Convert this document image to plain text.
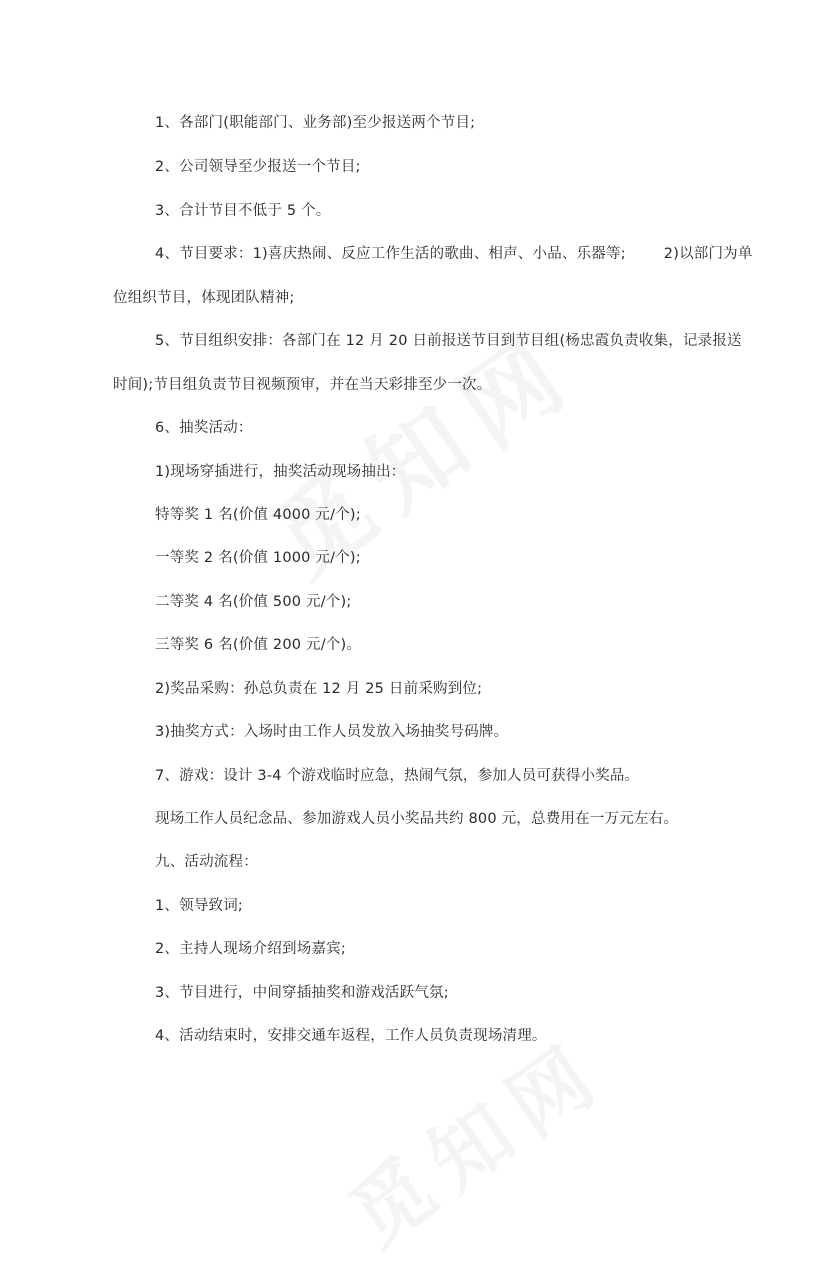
1、各部门(职能部门、业务部)至少报送两个节目;
2、公司领导至少报送一个节目;
3、合计节目不低于 5 个。
4、节目要求：1)喜庆热闹、反应工作生活的歌曲、相声、小品、乐器等;	2)以部门为单
位组织节目，体现团队精神;
5、节目组织安排：各部门在 12 月 20 日前报送节目到节目组(杨忠霞负责收集，记录报送
时间);节目组负责节目视频预审，并在当天彩排至少一次。
6、抽奖活动：
1)现场穿插进行，抽奖活动现场抽出：
特等奖 1 名(价值 4000 元/个);
一等奖 2 名(价值 1000 元/个);
二等奖 4 名(价值 500 元/个);
三等奖 6 名(价值 200 元/个)。
2)奖品采购：孙总负责在 12 月 25 日前采购到位;
3)抽奖方式：入场时由工作人员发放入场抽奖号码牌。
7、游戏：设计 3-4 个游戏临时应急，热闹气氛，参加人员可获得小奖品。
现场工作人员纪念品、参加游戏人员小奖品共约 800 元，总费用在一万元左右。
九、活动流程：
1、领导致词;
2、主持人现场介绍到场嘉宾;
3、节目进行，中间穿插抽奖和游戏活跃气氛;
4、活动结束时，安排交通车返程，工作人员负责现场清理。
